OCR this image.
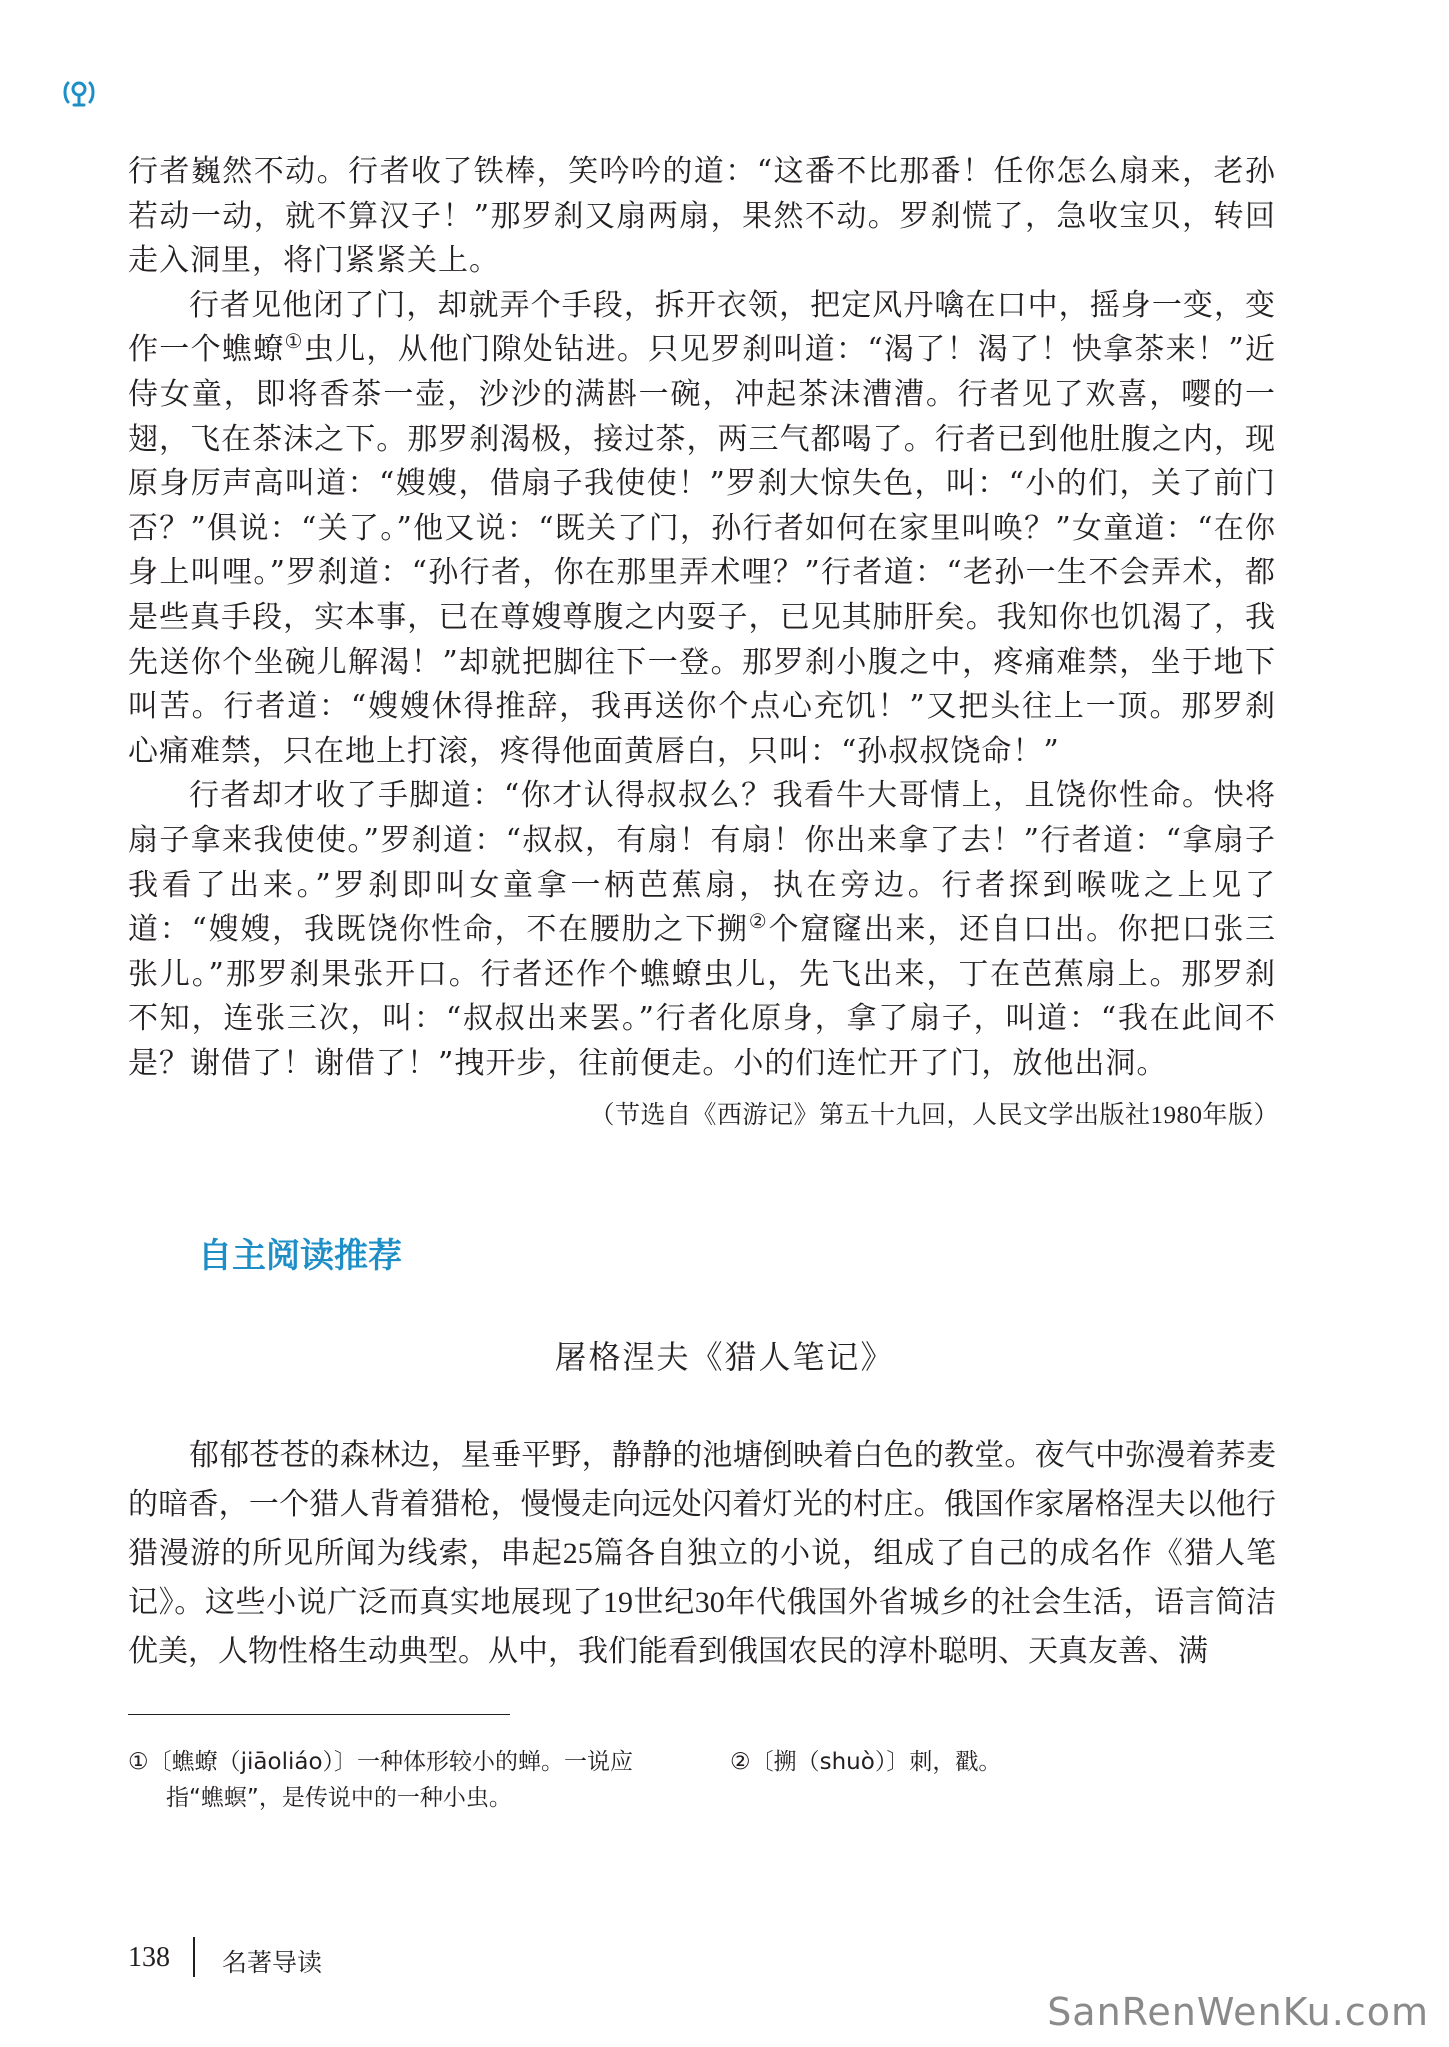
行者巍然不动。行者收了铁棒，笑吟吟的道：“这番不比那番！任你怎么扇来，老孙若动一动，就不算汉子！”那罗刹又扇两扇，果然不动。罗刹慌了，急收宝贝，转回走入洞里，将门紧紧关上。

行者见他闭了门，却就弄个手段，拆开衣领，把定风丹噙在口中，摇身一变，变作一个蟭蟟①虫儿，从他门隙处钻进。只见罗刹叫道：“渴了！渴了！快拿茶来！”近侍女童，即将香茶一壶，沙沙的满斟一碗，冲起茶沫漕漕。行者见了欢喜，嘤的一翅，飞在茶沫之下。那罗刹渴极，接过茶，两三气都喝了。行者已到他肚腹之内，现原身厉声高叫道：“嫂嫂，借扇子我使使！”罗刹大惊失色，叫：“小的们，关了前门否？”俱说：“关了。”他又说：“既关了门，孙行者如何在家里叫唤？”女童道：“在你身上叫哩。”罗刹道：“孙行者，你在那里弄术哩？”行者道：“老孙一生不会弄术，都是些真手段，实本事，已在尊嫂尊腹之内耍子，已见其肺肝矣。我知你也饥渴了，我先送你个坐碗儿解渴！”却就把脚往下一登。那罗刹小腹之中，疼痛难禁，坐于地下叫苦。行者道：“嫂嫂休得推辞，我再送你个点心充饥！”又把头往上一顶。那罗刹心痛难禁，只在地上打滚，疼得他面黄唇白，只叫：“孙叔叔饶命！”

行者却才收了手脚道：“你才认得叔叔么？我看牛大哥情上，且饶你性命。快将扇子拿来我使使。”罗刹道：“叔叔，有扇！有扇！你出来拿了去！”行者道：“拿扇子我看了出来。”罗刹即叫女童拿一柄芭蕉扇，执在旁边。行者探到喉咙之上见了道：“嫂嫂，我既饶你性命，不在腰肋之下搠②个窟窿出来，还自口出。你把口张三张儿。”那罗刹果张开口。行者还作个蟭蟟虫儿，先飞出来，丁在芭蕉扇上。那罗刹不知，连张三次，叫：“叔叔出来罢。”行者化原身，拿了扇子，叫道：“我在此间不是？谢借了！谢借了！”拽开步，往前便走。小的们连忙开了门，放他出洞。

（节选自《西游记》第五十九回，人民文学出版社1980年版）
自主阅读推荐
屠格涅夫《猎人笔记》
郁郁苍苍的森林边，星垂平野，静静的池塘倒映着白色的教堂。夜气中弥漫着荞麦的暗香，一个猎人背着猎枪，慢慢走向远处闪着灯光的村庄。俄国作家屠格涅夫以他行猎漫游的所见所闻为线索，串起25篇各自独立的小说，组成了自己的成名作《猎人笔记》。这些小说广泛而真实地展现了19世纪30年代俄国外省城乡的社会生活，语言简洁优美，人物性格生动典型。从中，我们能看到俄国农民的淳朴聪明、天真友善、满
①〔蟭蟟（jiāoliáo）〕一种体形较小的蝉。一说应
指“蟭螟”，是传说中的一种小虫。
②〔搠（shuò）〕刺，戳。
138 名著导读
SanRenWenKu.com
